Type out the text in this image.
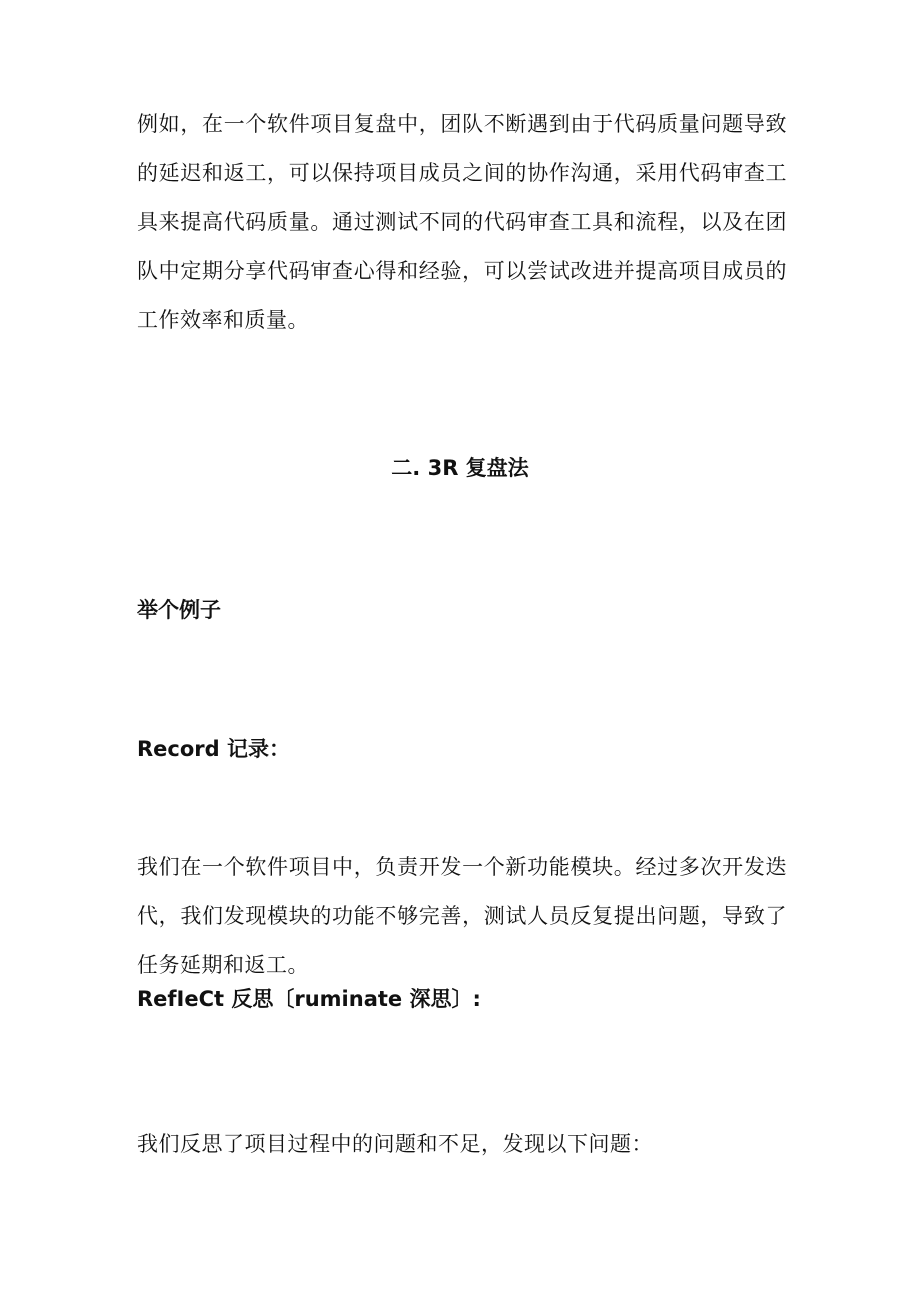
例如，在一个软件项目复盘中，团队不断遇到由于代码质量问题导致的延迟和返工，可以保持项目成员之间的协作沟通，采用代码审查工具来提高代码质量。通过测试不同的代码审查工具和流程，以及在团队中定期分享代码审查心得和经验，可以尝试改进并提高项目成员的工作效率和质量。

二. 3R 复盘法
举个例子
Record 记录：

我们在一个软件项目中，负责开发一个新功能模块。经过多次开发迭代，我们发现模块的功能不够完善，测试人员反复提出问题，导致了任务延期和返工。

RefIeCt 反思〔ruminate 深思〕:

我们反思了项目过程中的问题和不足，发现以下问题：
